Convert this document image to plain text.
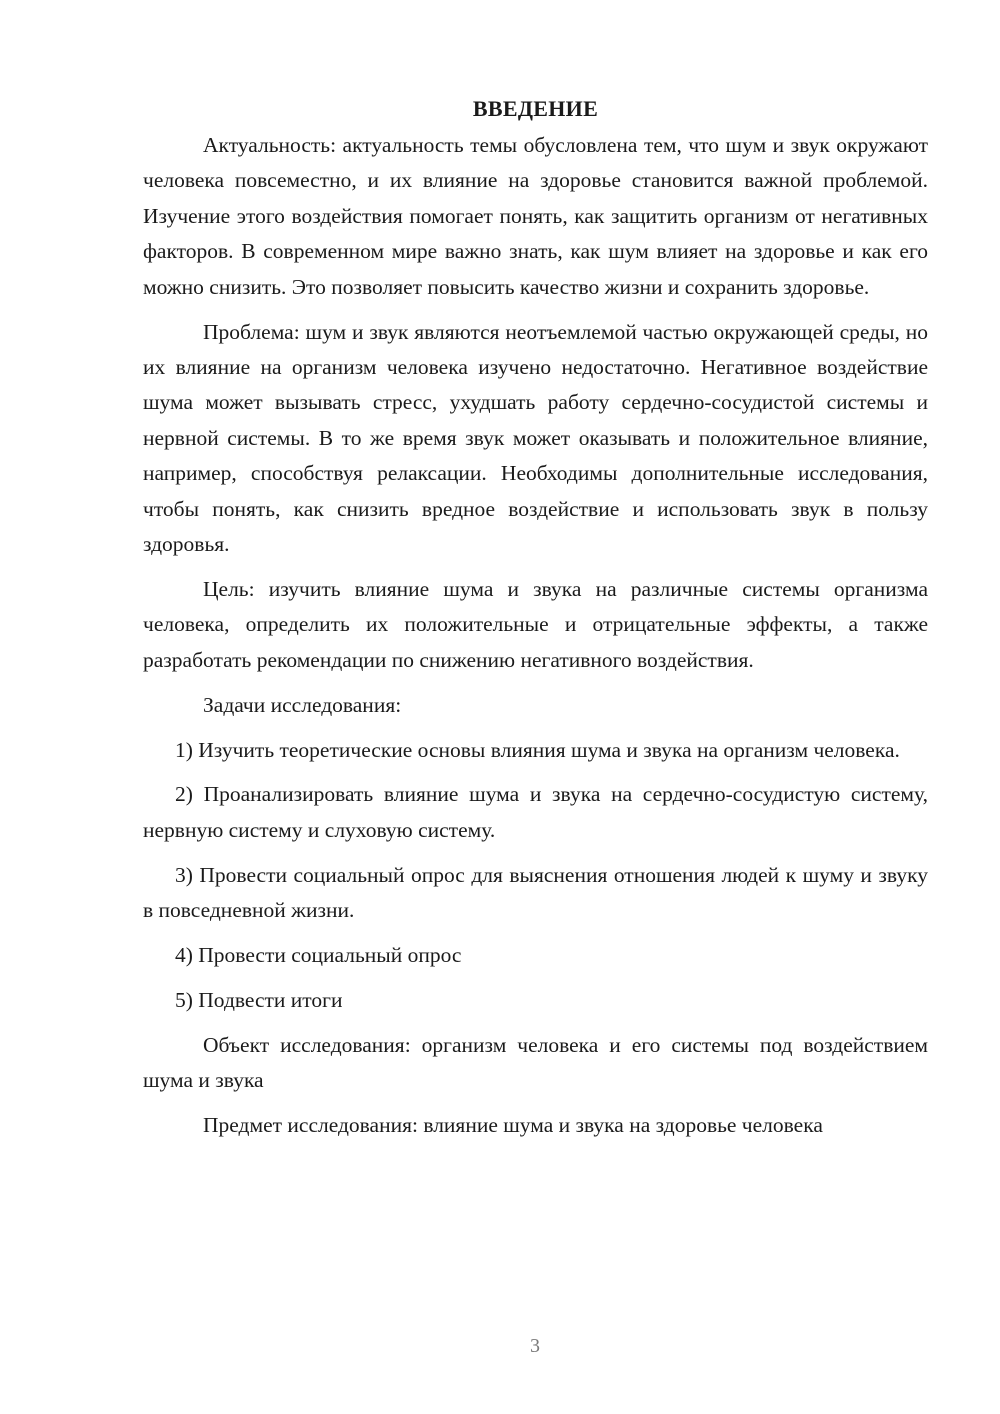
ВВЕДЕНИЕ

Актуальность: актуальность темы обусловлена тем, что шум и звук окружают человека повсеместно, и их влияние на здоровье становится важной проблемой. Изучение этого воздействия помогает понять, как защитить организм от негативных факторов. В современном мире важно знать, как шум влияет на здоровье и как его можно снизить. Это позволяет повысить качество жизни и сохранить здоровье.

Проблема: шум и звук являются неотъемлемой частью окружающей среды, но их влияние на организм человека изучено недостаточно. Негативное воздействие шума может вызывать стресс, ухудшать работу сердечно-сосудистой системы и нервной системы. В то же время звук может оказывать и положительное влияние, например, способствуя релаксации. Необходимы дополнительные исследования, чтобы понять, как снизить вредное воздействие и использовать звук в пользу здоровья.

Цель: изучить влияние шума и звука на различные системы организма человека, определить их положительные и отрицательные эффекты, а также разработать рекомендации по снижению негативного воздействия.

Задачи исследования:

1) Изучить теоретические основы влияния шума и звука на организм человека.

2) Проанализировать влияние шума и звука на сердечно-сосудистую систему, нервную систему и слуховую систему.

3) Провести социальный опрос для выяснения отношения людей к шуму и звуку в повседневной жизни.

4) Провести социальный опрос

5) Подвести итоги

Объект исследования: организм человека и его системы под воздействием шума и звука

Предмет исследования: влияние шума и звука на здоровье человека

3
